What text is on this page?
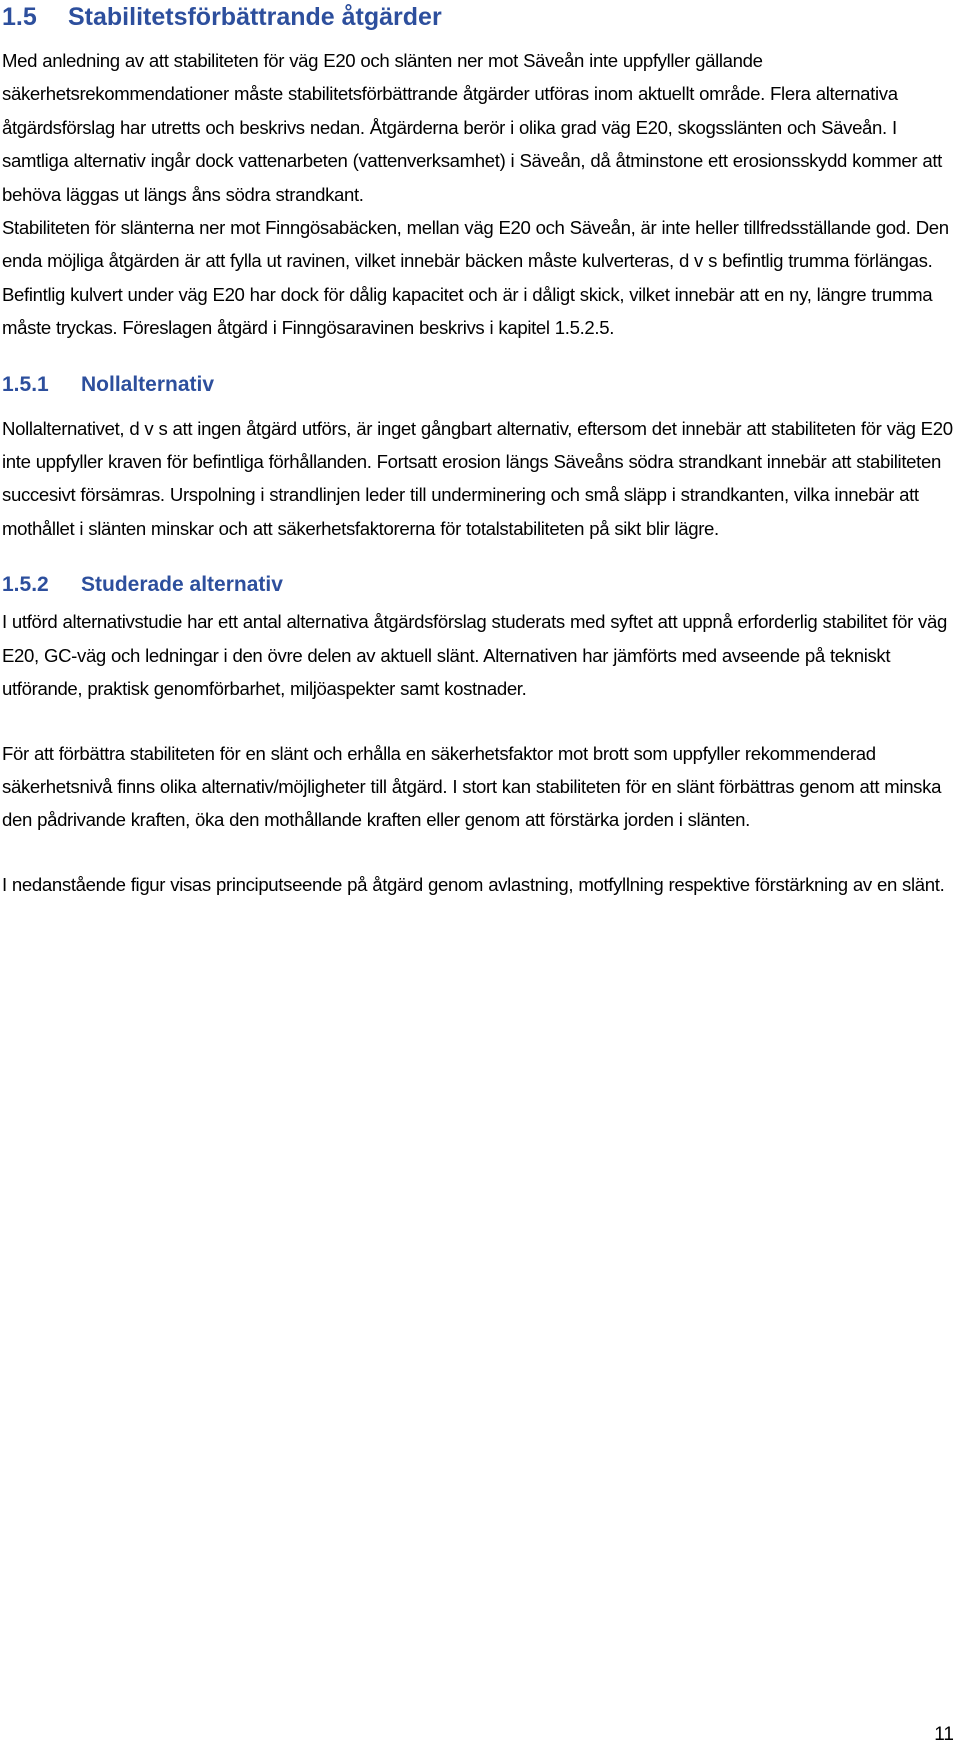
1.5 Stabilitetsförbättrande åtgärder

Med anledning av att stabiliteten för väg E20 och slänten ner mot Säveån inte uppfyller gällande säkerhetsrekommendationer måste stabilitetsförbättrande åtgärder utföras inom aktuellt område. Flera alternativa åtgärdsförslag har utretts och beskrivs nedan. Åtgärderna berör i olika grad väg E20, skogsslänten och Säveån. I samtliga alternativ ingår dock vattenarbeten (vattenverksamhet) i Säveån, då åtminstone ett erosionsskydd kommer att behöva läggas ut längs åns södra strandkant.

Stabiliteten för slänterna ner mot Finngösabäcken, mellan väg E20 och Säveån, är inte heller tillfredsställande god. Den enda möjliga åtgärden är att fylla ut ravinen, vilket innebär bäcken måste kulverteras, d v s befintlig trumma förlängas. Befintlig kulvert under väg E20 har dock för dålig kapacitet och är i dåligt skick, vilket innebär att en ny, längre trumma måste tryckas. Föreslagen åtgärd i Finngösaravinen beskrivs i kapitel 1.5.2.5.

1.5.1 Nollalternativ

Nollalternativet, d v s att ingen åtgärd utförs, är inget gångbart alternativ, eftersom det innebär att stabiliteten för väg E20 inte uppfyller kraven för befintliga förhållanden. Fortsatt erosion längs Säveåns södra strandkant innebär att stabiliteten succesivt försämras. Urspolning i strandlinjen leder till underminering och små släpp i strandkanten, vilka innebär att mothållet i slänten minskar och att säkerhetsfaktorerna för totalstabiliteten på sikt blir lägre.

1.5.2 Studerade alternativ

I utförd alternativstudie har ett antal alternativa åtgärdsförslag studerats med syftet att uppnå erforderlig stabilitet för väg E20, GC-väg och ledningar i den övre delen av aktuell slänt. Alternativen har jämförts med avseende på tekniskt utförande, praktisk genomförbarhet, miljöaspekter samt kostnader.

För att förbättra stabiliteten för en slänt och erhålla en säkerhetsfaktor mot brott som uppfyller rekommenderad säkerhetsnivå finns olika alternativ/möjligheter till åtgärd. I stort kan stabiliteten för en slänt förbättras genom att minska den pådrivande kraften, öka den mothållande kraften eller genom att förstärka jorden i slänten.

I nedanstående figur visas principutseende på åtgärd genom avlastning, motfyllning respektive förstärkning av en slänt.

11
